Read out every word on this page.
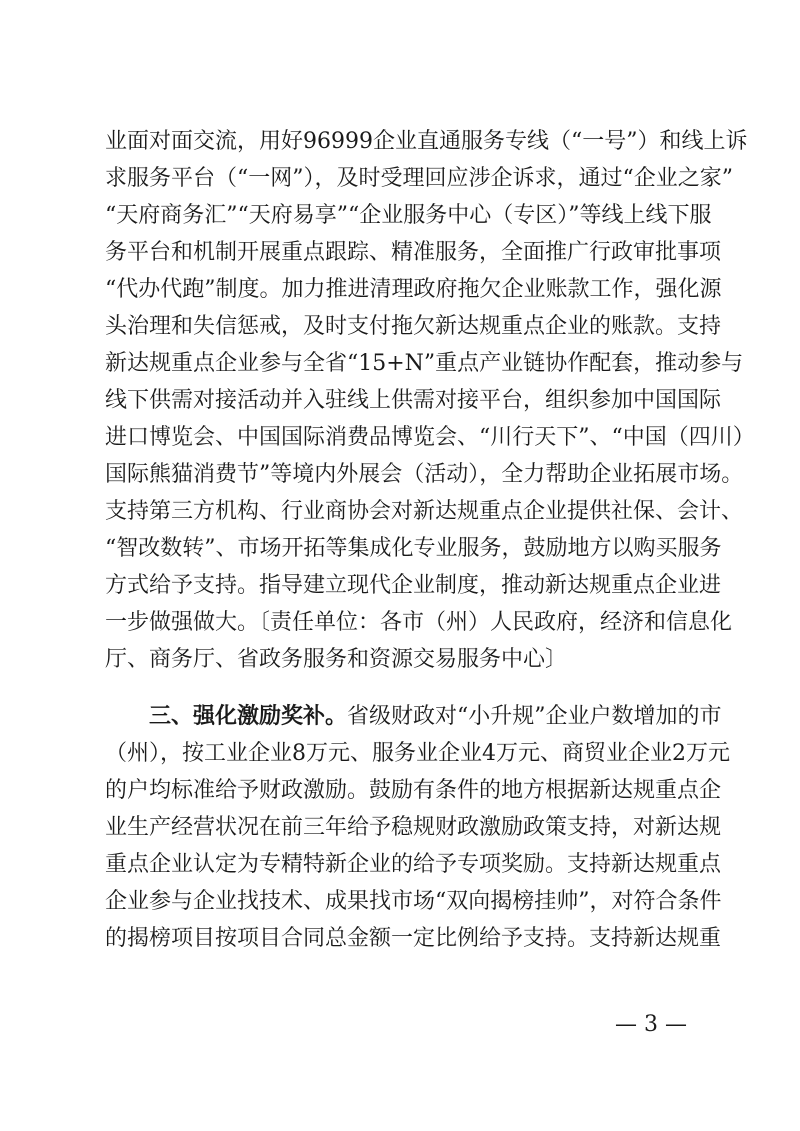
业面对面交流，用好96999企业直通服务专线（“一号”）和线上诉
求服务平台（“一网”），及时受理回应涉企诉求，通过“企业之家”
“天府商务汇”“天府易享”“企业服务中心（专区）”等线上线下服
务平台和机制开展重点跟踪、精准服务，全面推广行政审批事项
“代办代跑”制度。加力推进清理政府拖欠企业账款工作，强化源
头治理和失信惩戒，及时支付拖欠新达规重点企业的账款。支持
新达规重点企业参与全省“15+N”重点产业链协作配套，推动参与
线下供需对接活动并入驻线上供需对接平台，组织参加中国国际
进口博览会、中国国际消费品博览会、“川行天下”、“中国（四川）
国际熊猫消费节”等境内外展会（活动），全力帮助企业拓展市场。
支持第三方机构、行业商协会对新达规重点企业提供社保、会计、
“智改数转”、市场开拓等集成化专业服务，鼓励地方以购买服务
方式给予支持。指导建立现代企业制度，推动新达规重点企业进
一步做强做大。〔责任单位：各市（州）人民政府，经济和信息化
厅、商务厅、省政务服务和资源交易服务中心〕
三、强化激励奖补。省级财政对“小升规”企业户数增加的市
（州），按工业企业8万元、服务业企业4万元、商贸业企业2万元
的户均标准给予财政激励。鼓励有条件的地方根据新达规重点企
业生产经营状况在前三年给予稳规财政激励政策支持，对新达规
重点企业认定为专精特新企业的给予专项奖励。支持新达规重点
企业参与企业找技术、成果找市场“双向揭榜挂帅”，对符合条件
的揭榜项目按项目合同总金额一定比例给予支持。支持新达规重
— 3 —
